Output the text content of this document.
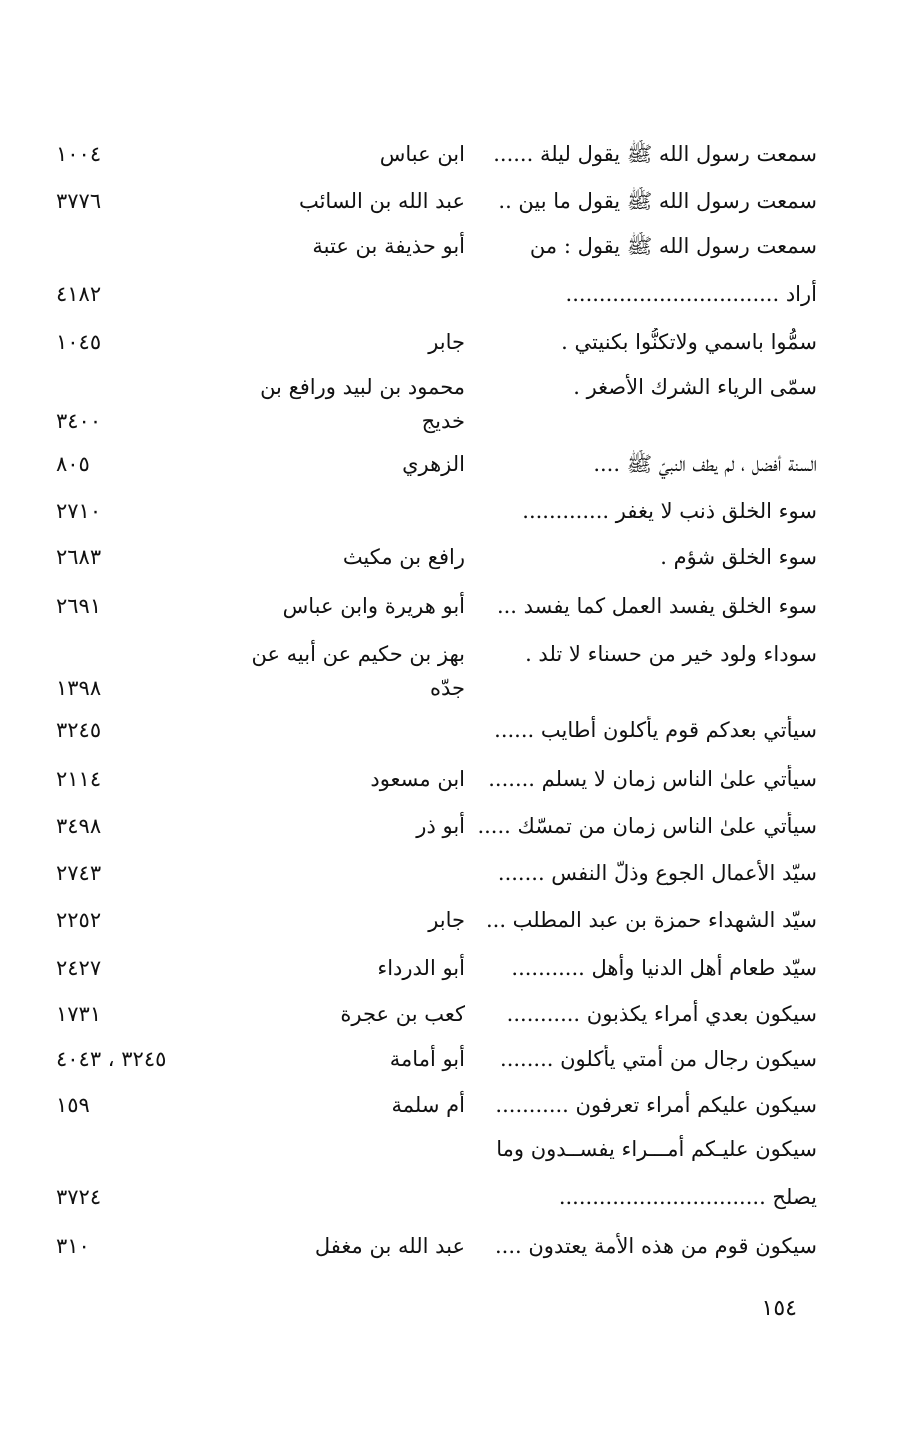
سمعت رسول الله ﷺ يقول ليلة ......
ابن عباس
١٠٠٤
سمعت رسول الله ﷺ يقول ما بين ..
عبد الله بن السائب
٣٧٧٦
سمعت رسول الله ﷺ يقول : من
أراد ................................
أبو حذيفة بن عتبة
٤١٨٢
سمُّوا باسمي ولاتكنُّوا بكنيتي .
جابر
١٠٤٥
سمّى الرياء الشرك الأصغر .
محمود بن لبيد ورافع بن
خديج
٣٤٠٠
السنة أفضل ، لم يطف النبيّ ﷺ ....
الزهري
٨٠٥
سوء الخلق ذنب لا يغفر .............
٢٧١٠
سوء الخلق شؤم .
رافع بن مكيث
٢٦٨٣
سوء الخلق يفسد العمل كما يفسد ...
أبو هريرة وابن عباس
٢٦٩١
سوداء ولود خير من حسناء لا تلد .
بهز بن حكيم عن أبيه عن
جدّه
١٣٩٨
سيأتي بعدكم قوم يأكلون أطايب ......
٣٢٤٥
سيأتي علىٰ الناس زمان لا يسلم .......
ابن مسعود
٢١١٤
سيأتي علىٰ الناس زمان من تمسّك .....
أبو ذر
٣٤٩٨
سيّد الأعمال الجوع وذلّ النفس .......
٢٧٤٣
سيّد الشهداء حمزة بن عبد المطلب ...
جابر
٢٢٥٢
سيّد طعام أهل الدنيا وأهل ...........
أبو الدرداء
٢٤٢٧
سيكون بعدي أمراء يكذبون ...........
كعب بن عجرة
١٧٣١
سيكون رجال من أمتي يأكلون ........
أبو أمامة
٣٢٤٥ ، ٤٠٤٣
سيكون عليكم أمراء تعرفون ...........
أم سلمة
١٥٩
سيكون عليـكم أمـــراء يفســدون وما
يصلح ...............................
٣٧٢٤
سيكون قوم من هذه الأمة يعتدون ....
عبد الله بن مغفل
٣١٠
١٥٤
